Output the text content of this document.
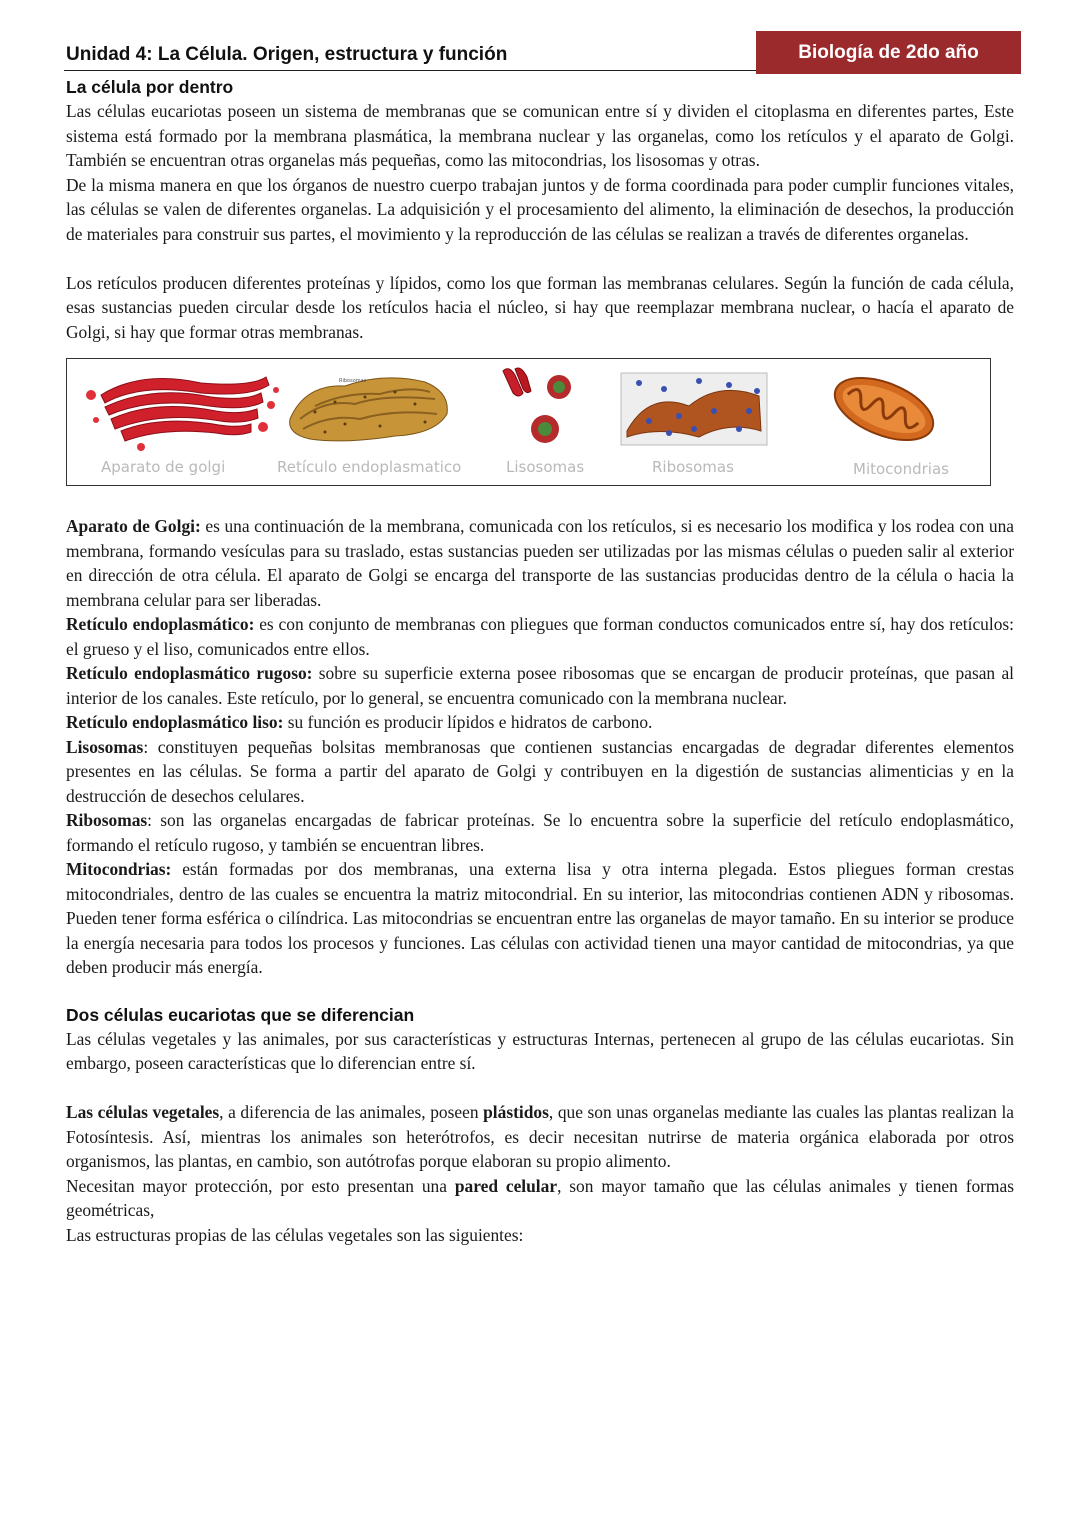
Unidad 4: La Célula. Origen, estructura y función	Biología de 2do año
La célula por dentro

Las células eucariotas poseen un sistema de membranas que se comunican entre sí y dividen el citoplasma en diferentes partes, Este sistema está formado por la membrana plasmática, la membrana nuclear y las organelas, como los retículos y el aparato de Golgi. También se encuentran otras organelas más pequeñas, como las mitocondrias, los lisosomas y otras.

De la misma manera en que los órganos de nuestro cuerpo trabajan juntos y de forma coordinada para poder cumplir funciones vitales, las células se valen de diferentes organelas. La adquisición y el procesamiento del alimento, la eliminación de desechos, la producción de materiales para construir sus partes, el movimiento y la reproducción de las células se realizan a través de diferentes organelas.

Los retículos producen diferentes proteínas y lípidos, como los que forman las membranas celulares. Según la función de cada célula, esas sustancias pueden circular desde los retículos hacia el núcleo, si hay que reemplazar membrana nuclear, o hacía el aparato de Golgi, si hay que formar otras membranas.

Aparato de golgi
Ribosomas
Retículo endoplasmatico	Lisosomas	Ribosomas	Mitocondrias

Aparato de Golgi: es una continuación de la membrana, comunicada con los retículos, si es necesario los modifica y los rodea con una membrana, formando vesículas para su traslado, estas sustancias pueden ser utilizadas por las mismas células o pueden salir al exterior en dirección de otra célula. El aparato de Golgi se encarga del transporte de las sustancias producidas dentro de la célula o hacia la membrana celular para ser liberadas.

Retículo endoplasmático: es con conjunto de membranas con pliegues que forman conductos comunicados entre sí, hay dos retículos: el grueso y el liso, comunicados entre ellos.

Retículo endoplasmático rugoso: sobre su superficie externa posee ribosomas que se encargan de producir proteínas, que pasan al interior de los canales. Este retículo, por lo general, se encuentra comunicado con la membrana nuclear.

Retículo endoplasmático liso: su función es producir lípidos e hidratos de carbono.

Lisosomas: constituyen pequeñas bolsitas membranosas que contienen sustancias encargadas de degradar diferentes elementos presentes en las células. Se forma a partir del aparato de Golgi y contribuyen en la digestión de sustancias alimenticias y en la destrucción de desechos celulares.

Ribosomas: son las organelas encargadas de fabricar proteínas. Se lo encuentra sobre la superficie del retículo endoplasmático, formando el retículo rugoso, y también se encuentran libres.

Mitocondrias: están formadas por dos membranas, una externa lisa y otra interna plegada. Estos pliegues forman crestas mitocondriales, dentro de las cuales se encuentra la matriz mitocondrial. En su interior, las mitocondrias contienen ADN y ribosomas. Pueden tener forma esférica o cilíndrica. Las mitocondrias se encuentran entre las organelas de mayor tamaño. En su interior se produce la energía necesaria para todos los procesos y funciones. Las células con actividad tienen una mayor cantidad de mitocondrias, ya que deben producir más energía.

Dos células eucariotas que se diferencian

Las células vegetales y las animales, por sus características y estructuras Internas, pertenecen al grupo de las células eucariotas. Sin embargo, poseen características que lo diferencian entre sí.

Las células vegetales, a diferencia de las animales, poseen plástidos, que son unas organelas mediante las cuales las plantas realizan la Fotosíntesis. Así, mientras los animales son heterótrofos, es decir necesitan nutrirse de materia orgánica elaborada por otros organismos, las plantas, en cambio, son autótrofas porque elaboran su propio alimento.

Necesitan mayor protección, por esto presentan una pared celular, son mayor tamaño que las células animales y tienen formas geométricas,

Las estructuras propias de las células vegetales son las siguientes:
